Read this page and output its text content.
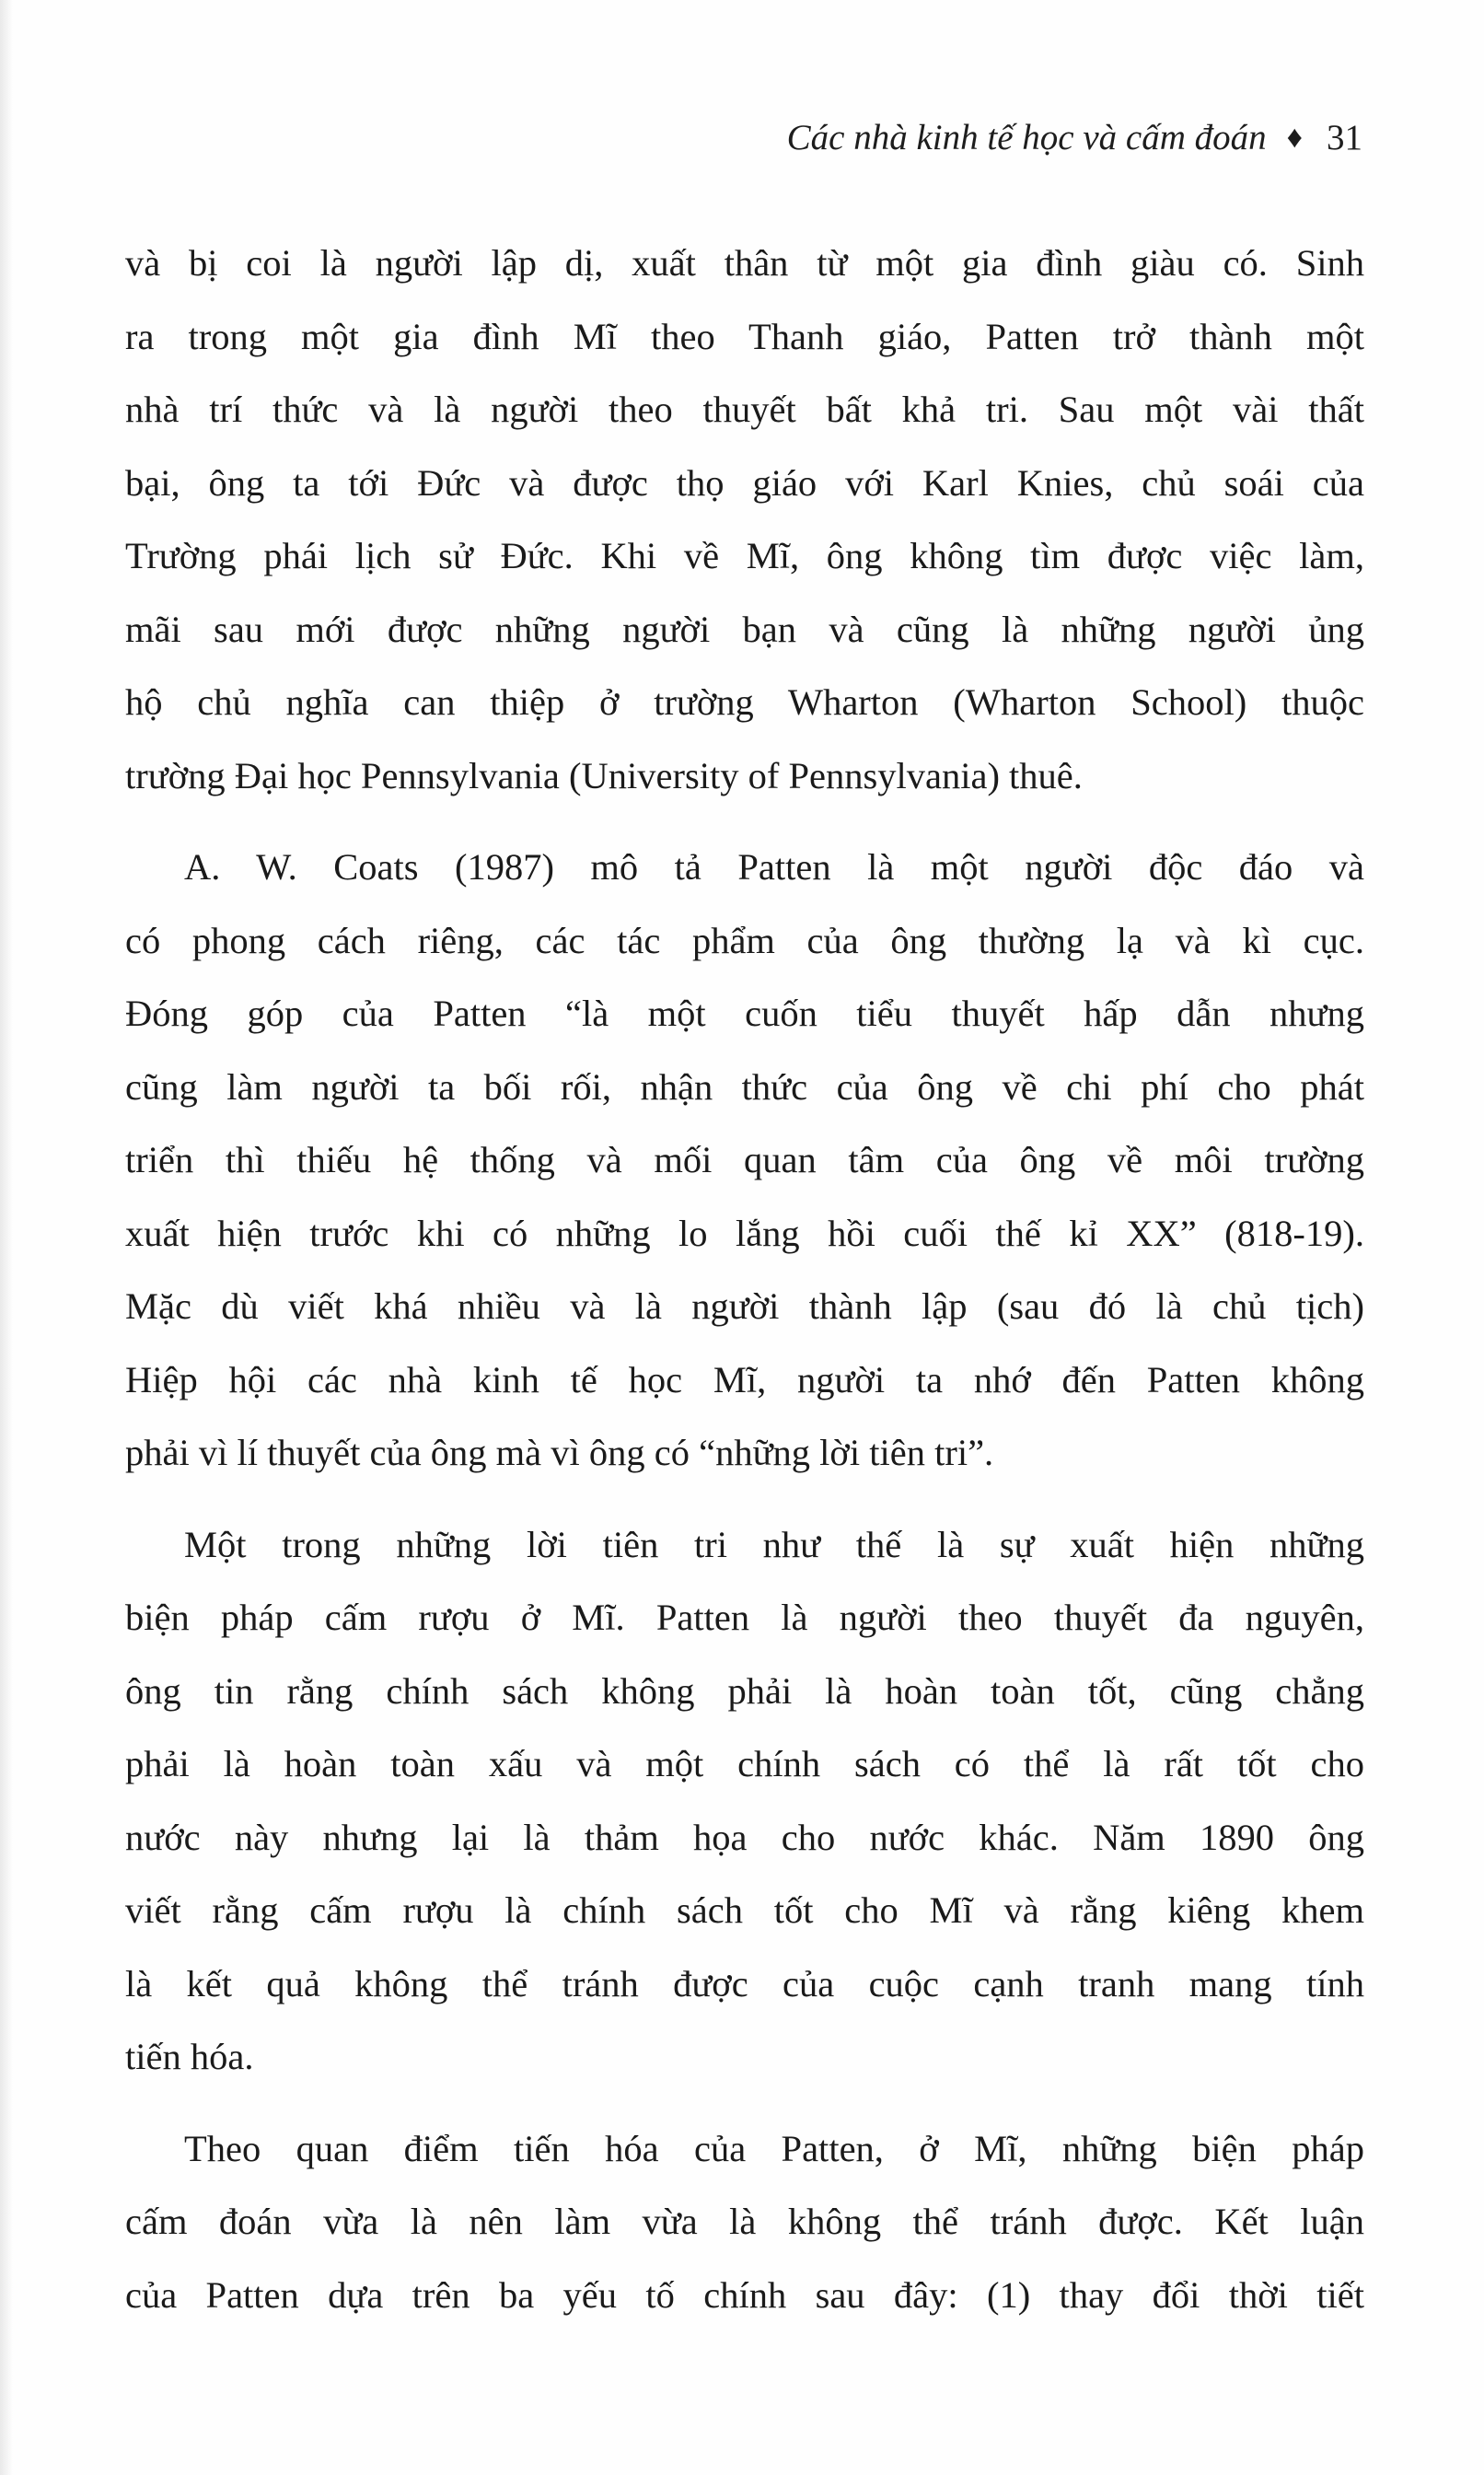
Các nhà kinh tế học và cấm đoán ♦ 31
và bị coi là người lập dị, xuất thân từ một gia đình giàu có. Sinh
ra trong một gia đình Mĩ theo Thanh giáo, Patten trở thành một
nhà trí thức và là người theo thuyết bất khả tri. Sau một vài thất
bại, ông ta tới Đức và được thọ giáo với Karl Knies, chủ soái của
Trường phái lịch sử Đức. Khi về Mĩ, ông không tìm được việc làm,
mãi sau mới được những người bạn và cũng là những người ủng
hộ chủ nghĩa can thiệp ở trường Wharton (Wharton School) thuộc
trường Đại học Pennsylvania (University of Pennsylvania) thuê.
A. W. Coats (1987) mô tả Patten là một người độc đáo và
có phong cách riêng, các tác phẩm của ông thường lạ và kì cục.
Đóng góp của Patten “là một cuốn tiểu thuyết hấp dẫn nhưng
cũng làm người ta bối rối, nhận thức của ông về chi phí cho phát
triển thì thiếu hệ thống và mối quan tâm của ông về môi trường
xuất hiện trước khi có những lo lắng hồi cuối thế kỉ XX” (818-19).
Mặc dù viết khá nhiều và là người thành lập (sau đó là chủ tịch)
Hiệp hội các nhà kinh tế học Mĩ, người ta nhớ đến Patten không
phải vì lí thuyết của ông mà vì ông có “những lời tiên tri”.
Một trong những lời tiên tri như thế là sự xuất hiện những
biện pháp cấm rượu ở Mĩ. Patten là người theo thuyết đa nguyên,
ông tin rằng chính sách không phải là hoàn toàn tốt, cũng chẳng
phải là hoàn toàn xấu và một chính sách có thể là rất tốt cho
nước này nhưng lại là thảm họa cho nước khác. Năm 1890 ông
viết rằng cấm rượu là chính sách tốt cho Mĩ và rằng kiêng khem
là kết quả không thể tránh được của cuộc cạnh tranh mang tính
tiến hóa.
Theo quan điểm tiến hóa của Patten, ở Mĩ, những biện pháp
cấm đoán vừa là nên làm vừa là không thể tránh được. Kết luận
của Patten dựa trên ba yếu tố chính sau đây: (1) thay đổi thời tiết
